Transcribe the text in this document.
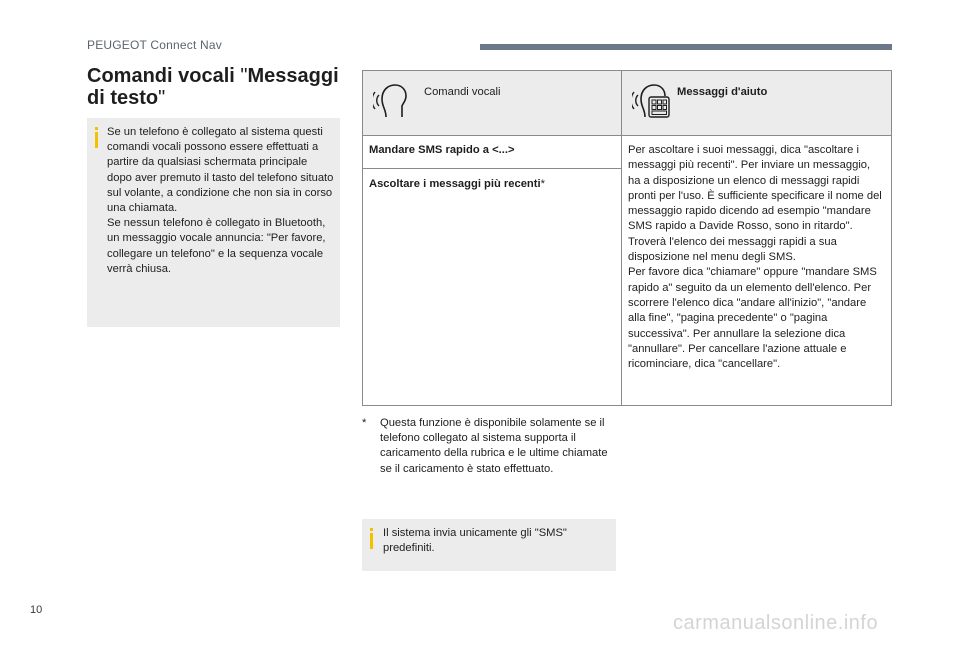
PEUGEOT Connect Nav
Comandi vocali "Messaggi di testo"

Se un telefono è collegato al sistema questi comandi vocali possono essere effettuati a partire da qualsiasi schermata principale dopo aver premuto il tasto del telefono situato sul volante, a condizione che non sia in corso una chiamata.

Se nessun telefono è collegato in Bluetooth, un messaggio vocale annuncia: "Per favore, collegare un telefono" e la sequenza vocale verrà chiusa.

Comandi vocali	Messaggi d'aiuto

Mandare SMS rapido a <...>	Per ascoltare i suoi messaggi, dica "ascoltare i messaggi più recenti". Per inviare un messaggio, ha a disposizione un elenco di messaggi rapidi pronti per l'uso. È sufficiente specificare il nome del messaggio rapido dicendo ad esempio "mandare SMS rapido a Davide Rosso, sono in ritardo". Troverà l'elenco dei messaggi rapidi a sua disposizione nel menu degli SMS.

Per favore dica "chiamare" oppure "mandare SMS rapido a" seguito da un elemento dell'elenco. Per scorrere l'elenco dica "andare all'inizio", "andare alla fine", "pagina precedente" o "pagina successiva". Per annullare la selezione dica "annullare". Per cancellare l'azione attuale e ricominciare, dica "cancellare".

Ascoltare i messaggi più recenti*	
* Questa funzione è disponibile solamente se il telefono collegato al sistema supporta il caricamento della rubrica e le ultime chiamate se il caricamento è stato effettuato.

Il sistema invia unicamente gli "SMS" predefiniti.
10
carmanualsonline.info
